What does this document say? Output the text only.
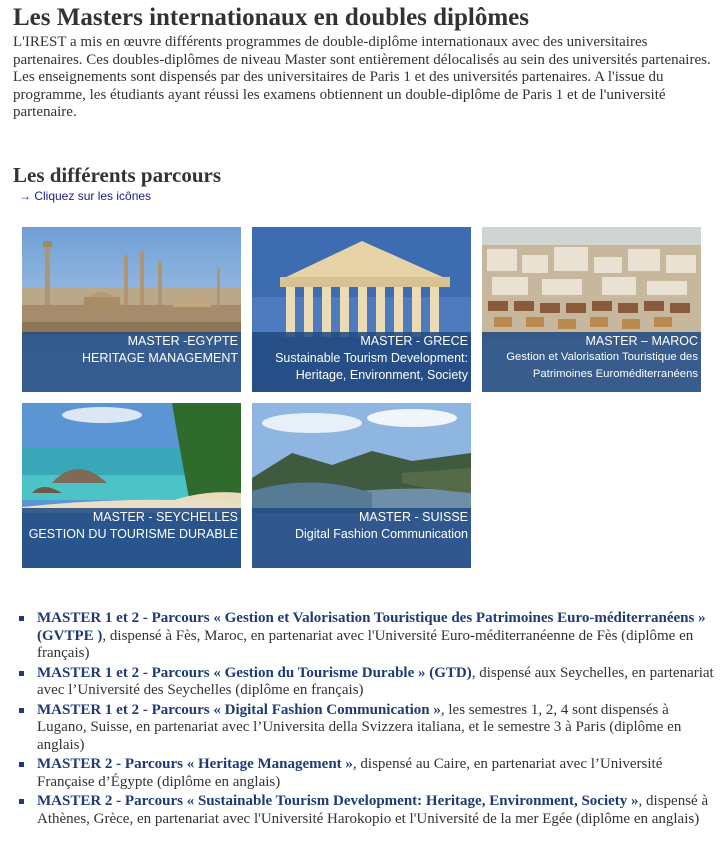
Les Masters internationaux en doubles diplômes

L'IREST a mis en œuvre différents programmes de double-diplôme internationaux avec des universitaires partenaires. Ces doubles-diplômes de niveau Master sont entièrement délocalisés au sein des universités partenaires.

Les enseignements sont dispensés par des universitaires de Paris 1 et des universités partenaires. A l'issue du programme, les étudiants ayant réussi les examens obtiennent un double-diplôme de Paris 1 et de l'université partenaire.

Les différents parcours
→ Cliquez sur les icônes
MASTER -EGYPTE
HERITAGE MANAGEMENT
MASTER - GRECE
Sustainable Tourism Development:
Heritage, Environment, Society
MASTER – MAROC
Gestion et Valorisation Touristique des
Patrimoines Euroméditerranéens
MASTER - SEYCHELLES
GESTION DU TOURISME DURABLE
MASTER - SUISSE
Digital Fashion Communication
MASTER 1 et 2 - Parcours « Gestion et Valorisation Touristique des Patrimoines Euro-méditerranéens » (GVTPE ), dispensé à Fès, Maroc, en partenariat avec l'Université Euro-méditerranéenne de Fès (diplôme en français)
MASTER 1 et 2 - Parcours « Gestion du Tourisme Durable » (GTD), dispensé aux Seychelles, en partenariat avec l’Université des Seychelles (diplôme en français)
MASTER 1 et 2 - Parcours « Digital Fashion Communication », les semestres 1, 2, 4 sont dispensés à Lugano, Suisse, en partenariat avec l’Universita della Svizzera italiana, et le semestre 3 à Paris (diplôme en anglais)
MASTER 2 - Parcours « Heritage Management », dispensé au Caire, en partenariat avec l’Université Française d’Égypte (diplôme en anglais)
MASTER 2 - Parcours « Sustainable Tourism Development: Heritage, Environment, Society », dispensé à Athènes, Grèce, en partenariat avec l'Université Harokopio et l'Université de la mer Egée (diplôme en anglais)
